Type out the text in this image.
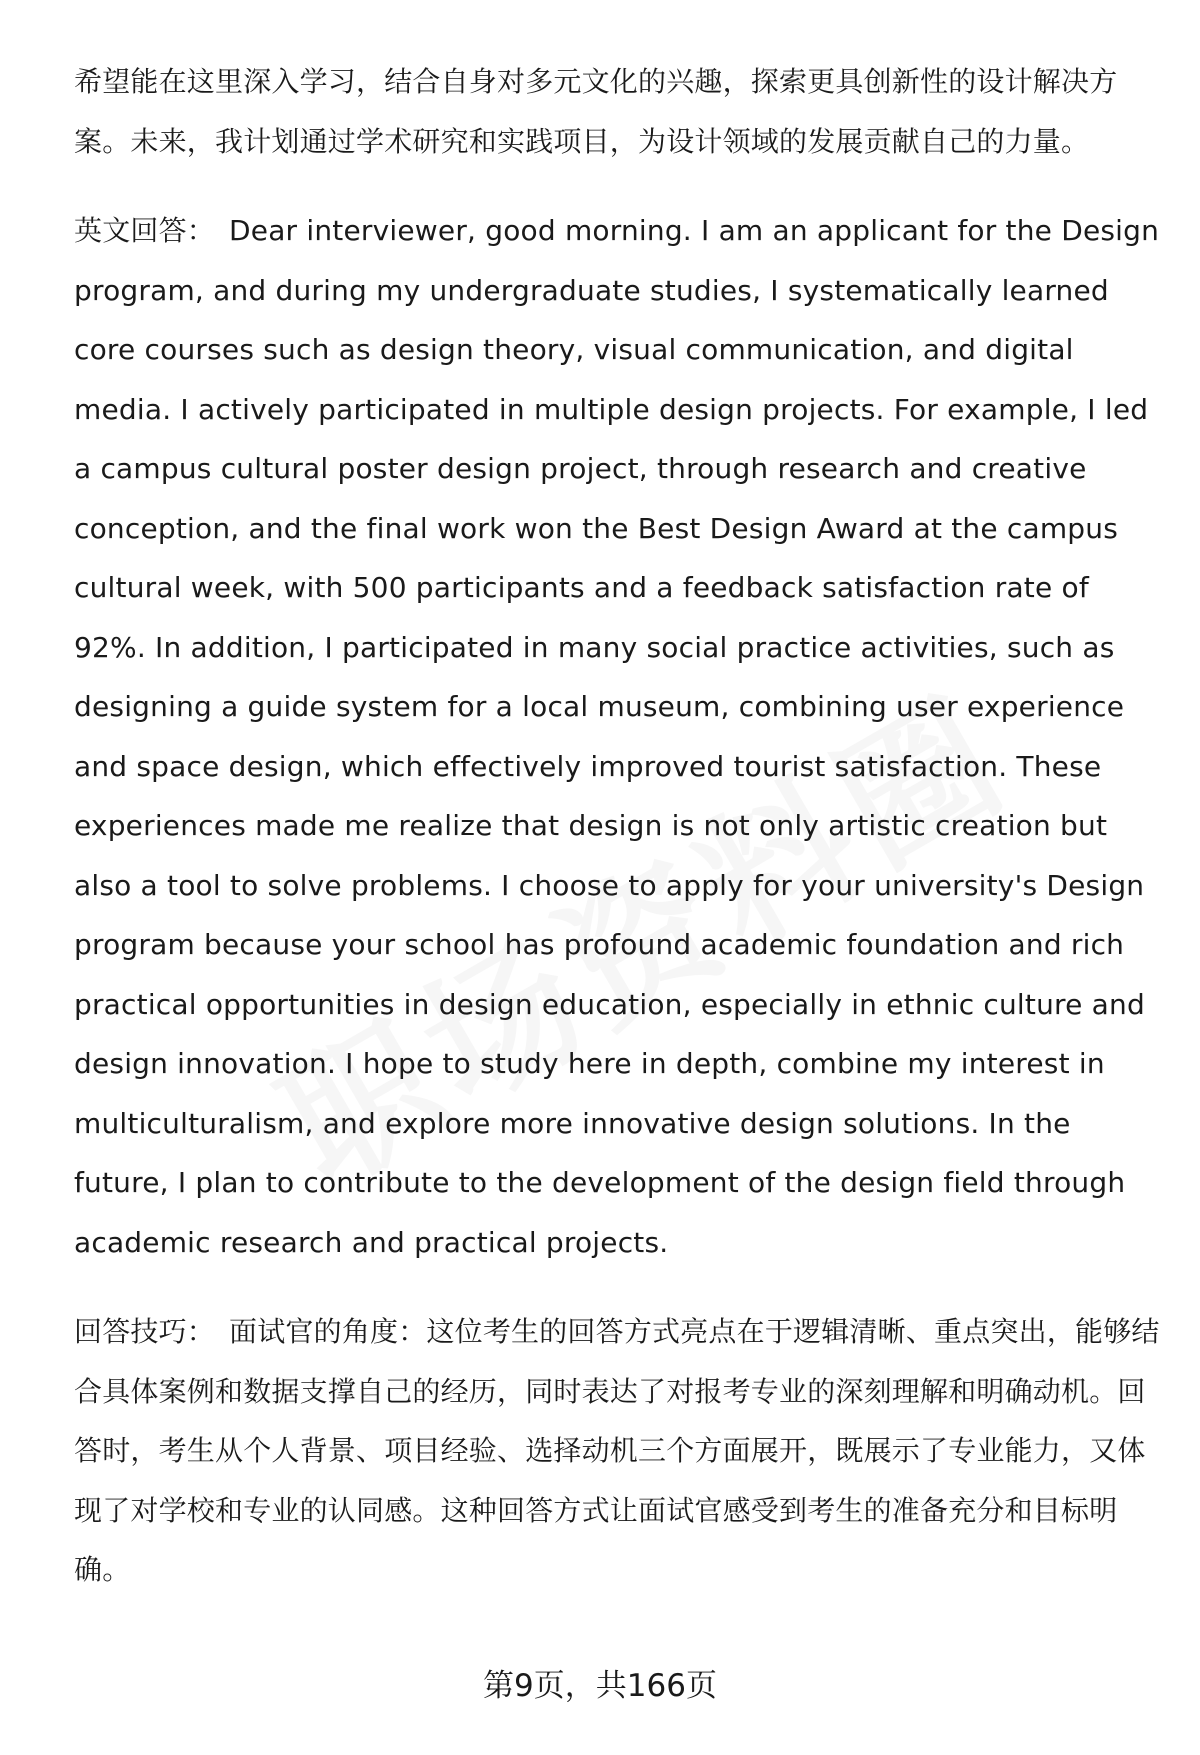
希望能在这里深入学习，结合自身对多元文化的兴趣，探索更具创新性的设计解决方案。未来，我计划通过学术研究和实践项目，为设计领域的发展贡献自己的力量。

英文回答： Dear interviewer, good morning. I am an applicant for the Design program, and during my undergraduate studies, I systematically learned core courses such as design theory, visual communication, and digital media. I actively participated in multiple design projects. For example, I led a campus cultural poster design project, through research and creative conception, and the final work won the Best Design Award at the campus cultural week, with 500 participants and a feedback satisfaction rate of 92%. In addition, I participated in many social practice activities, such as designing a guide system for a local museum, combining user experience and space design, which effectively improved tourist satisfaction. These experiences made me realize that design is not only artistic creation but also a tool to solve problems. I choose to apply for your university's Design program because your school has profound academic foundation and rich practical opportunities in design education, especially in ethnic culture and design innovation. I hope to study here in depth, combine my interest in multiculturalism, and explore more innovative design solutions. In the future, I plan to contribute to the development of the design field through academic research and practical projects.

回答技巧： 面试官的角度：这位考生的回答方式亮点在于逻辑清晰、重点突出，能够结合具体案例和数据支撑自己的经历，同时表达了对报考专业的深刻理解和明确动机。回答时，考生从个人背景、项目经验、选择动机三个方面展开，既展示了专业能力，又体现了对学校和专业的认同感。这种回答方式让面试官感受到考生的准备充分和目标明确。

第9页，共166页
